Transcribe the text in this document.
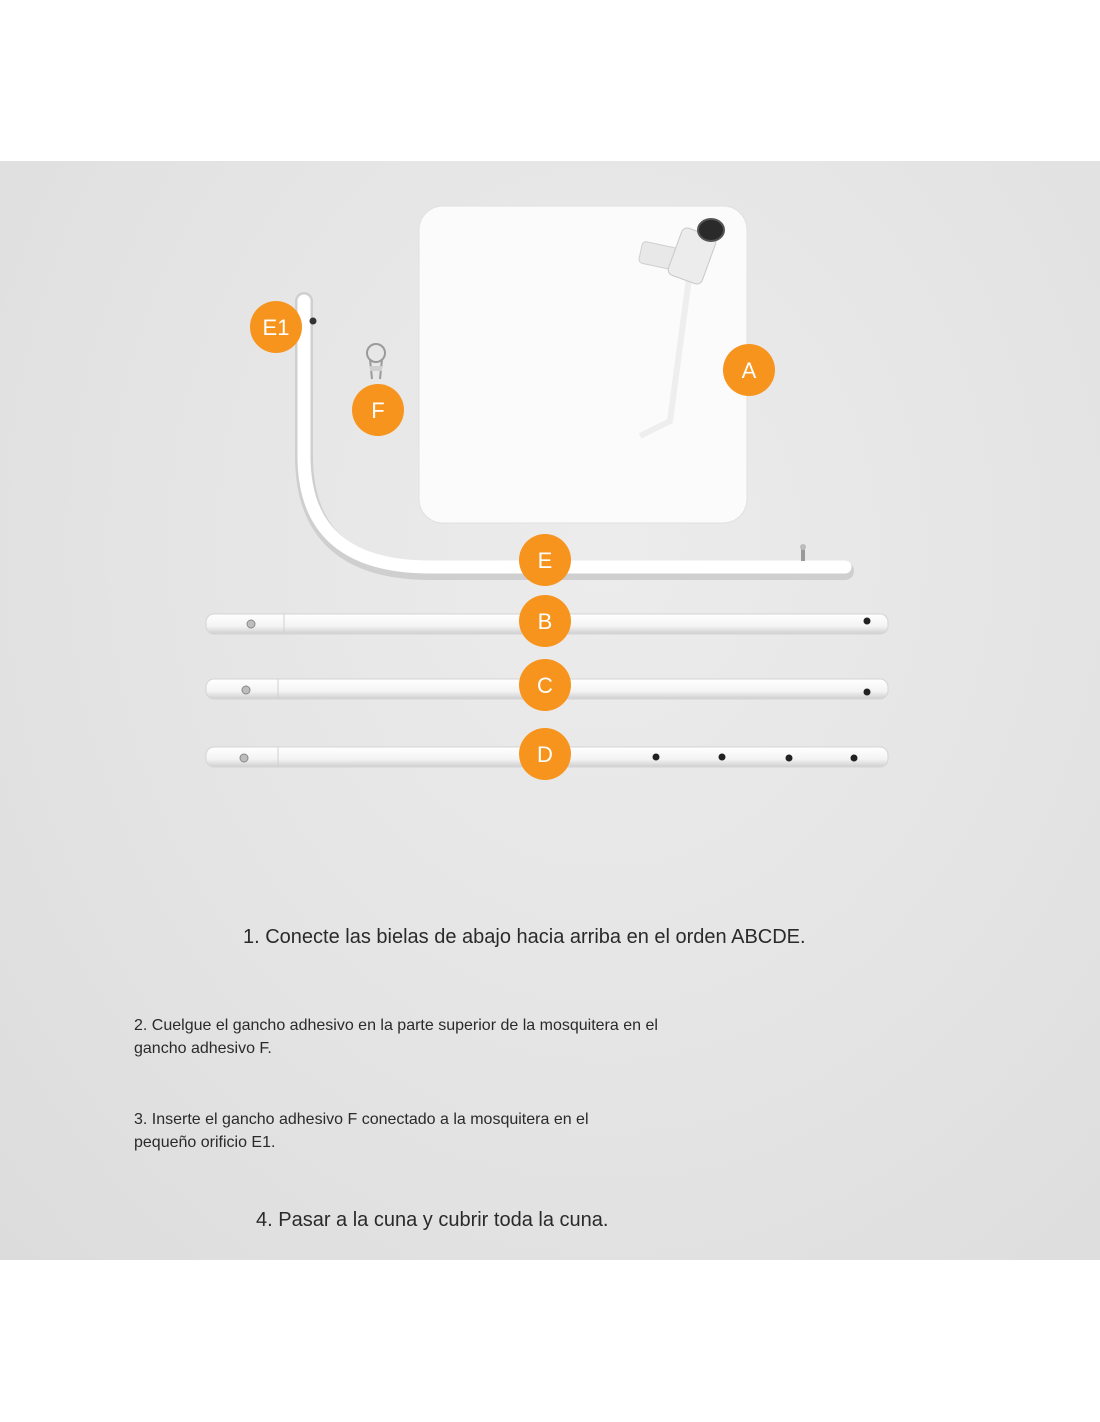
E1
F
A
E
B
C
D

1. Conecte las bielas de abajo hacia arriba en el orden ABCDE.

2. Cuelgue el gancho adhesivo en la parte superior de la mosquitera en el
gancho adhesivo F.

3. Inserte el gancho adhesivo F conectado a la mosquitera en el
pequeño orificio E1.

4. Pasar a la cuna y cubrir toda la cuna.
